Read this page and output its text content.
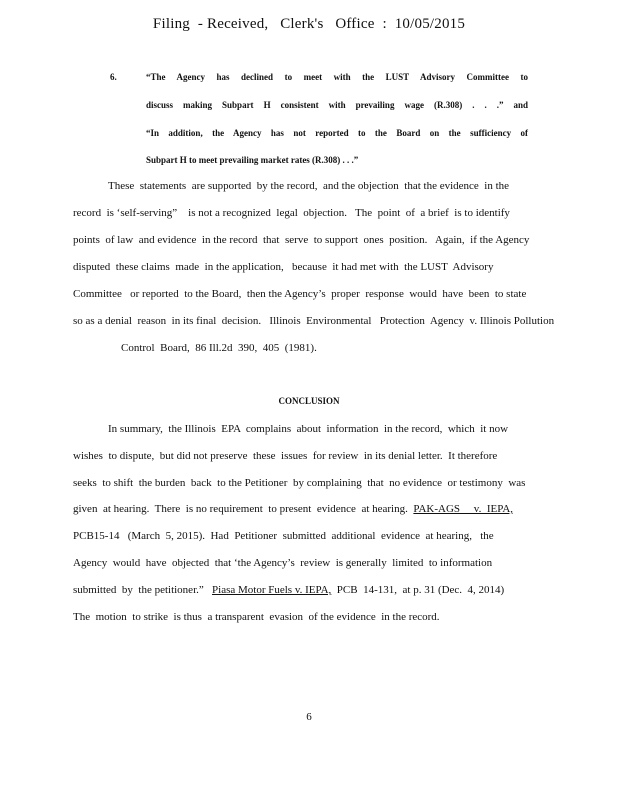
Filing  - Received,   Clerk's   Office  :  10/05/2015
6.	“The Agency has declined to meet with the LUST Advisory Committee to
discuss making Subpart H consistent with prevailing wage (R.308) . . .” and
“In addition, the Agency has not reported to the Board on the sufficiency of
Subpart H to meet prevailing market rates (R.308) . . .”
These  statements  are supported  by the record,  and the objection  that the evidence  in the
record  is ‘self-serving”    is not a recognized  legal  objection.   The  point  of  a brief  is to identify
points  of law  and evidence  in the record  that  serve  to support  ones  position.   Again,  if the Agency
disputed  these claims  made  in the application,   because  it had met with  the LUST  Advisory
Committee   or reported  to the Board,  then the Agency’s  proper  response  would  have  been  to state
so as a denial  reason  in its final  decision.   Illinois  Environmental   Protection  Agency  v. Illinois Pollution
Control  Board,  86 Ill.2d  390,  405  (1981).
CONCLUSION
In summary,  the Illinois  EPA  complains  about  information  in the record,  which  it now
wishes  to dispute,  but did not preserve  these  issues  for review  in its denial letter.  It therefore
seeks  to shift  the burden  back  to the Petitioner  by complaining  that  no evidence  or testimony  was
given  at hearing.  There  is no requirement  to present  evidence  at hearing.  PAK-AGS     v.  IEPA,
PCB15-14   (March  5, 2015).  Had  Petitioner  submitted  additional  evidence  at hearing,   the
Agency  would  have  objected  that ‘the Agency’s  review  is generally  limited  to information
submitted  by  the petitioner.”   Piasa Motor Fuels v. IEPA,  PCB  14-131,  at p. 31 (Dec.  4, 2014)
The  motion  to strike  is thus  a transparent  evasion  of the evidence  in the record.
6
